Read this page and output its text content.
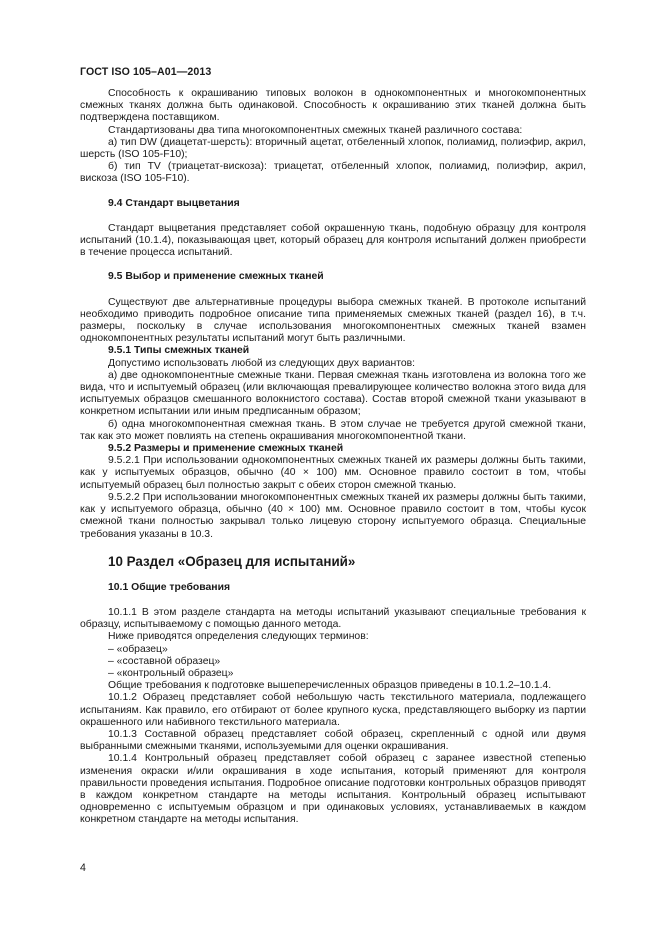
ГОСТ ISO 105–A01—2013

Способность к окрашиванию типовых волокон в однокомпонентных и многокомпонентных смежных тканях должна быть одинаковой. Способность к окрашиванию этих тканей должна быть подтверждена поставщиком.

Стандартизованы два типа многокомпонентных смежных тканей различного состава:

а) тип DW (диацетат-шерсть): вторичный ацетат, отбеленный хлопок, полиамид, полиэфир, акрил, шерсть (ISO 105-F10);

б) тип TV (триацетат-вискоза): триацетат, отбеленный хлопок, полиамид, полиэфир, акрил, вискоза (ISO 105-F10).

9.4 Стандарт выцветания

Стандарт выцветания представляет собой окрашенную ткань, подобную образцу для контроля испытаний (10.1.4), показывающая цвет, который образец для контроля испытаний должен приобрести в течение процесса испытаний.

9.5 Выбор и применение смежных тканей

Существуют две альтернативные процедуры выбора смежных тканей. В протоколе испытаний необходимо приводить подробное описание типа применяемых смежных тканей (раздел 16), в т.ч. размеры, поскольку в случае использования многокомпонентных смежных тканей взамен однокомпонентных результаты испытаний могут быть различными.

9.5.1 Типы смежных тканей

Допустимо использовать любой из следующих двух вариантов:

а) две однокомпонентные смежные ткани. Первая смежная ткань изготовлена из волокна того же вида, что и испытуемый образец (или включающая превалирующее количество волокна этого вида для испытуемых образцов смешанного волокнистого состава). Состав второй смежной ткани указывают в конкретном испытании или иным предписанным образом;

б) одна многокомпонентная смежная ткань. В этом случае не требуется другой смежной ткани, так как это может повлиять на степень окрашивания многокомпонентной ткани.

9.5.2 Размеры и применение смежных тканей

9.5.2.1 При использовании однокомпонентных смежных тканей их размеры должны быть такими, как у испытуемых образцов, обычно (40 × 100) мм. Основное правило состоит в том, чтобы испытуемый образец был полностью закрыт с обеих сторон смежной тканью.

9.5.2.2 При использовании многокомпонентных смежных тканей их размеры должны быть такими, как у испытуемого образца, обычно (40 × 100) мм. Основное правило состоит в том, чтобы кусок смежной ткани полностью закрывал только лицевую сторону испытуемого образца. Специальные требования указаны в 10.3.

10 Раздел «Образец для испытаний»
10.1 Общие требования

10.1.1 В этом разделе стандарта на методы испытаний указывают специальные требования к образцу, испытываемому с помощью данного метода.

Ниже приводятся определения следующих терминов:

– «образец»

– «составной образец»

– «контрольный образец»

Общие требования к подготовке вышеперечисленных образцов приведены в 10.1.2–10.1.4.

10.1.2 Образец представляет собой небольшую часть текстильного материала, подлежащего испытаниям. Как правило, его отбирают от более крупного куска, представляющего выборку из партии окрашенного или набивного текстильного материала.

10.1.3 Составной образец представляет собой образец, скрепленный с одной или двумя выбранными смежными тканями, используемыми для оценки окрашивания.

10.1.4 Контрольный образец представляет собой образец с заранее известной степенью изменения окраски и/или окрашивания в ходе испытания, который применяют для контроля правильности проведения испытания. Подробное описание подготовки контрольных образцов приводят в каждом конкретном стандарте на методы испытания. Контрольный образец испытывают одновременно с испытуемым образцом и при одинаковых условиях, устанавливаемых в каждом конкретном стандарте на методы испытания.

4
